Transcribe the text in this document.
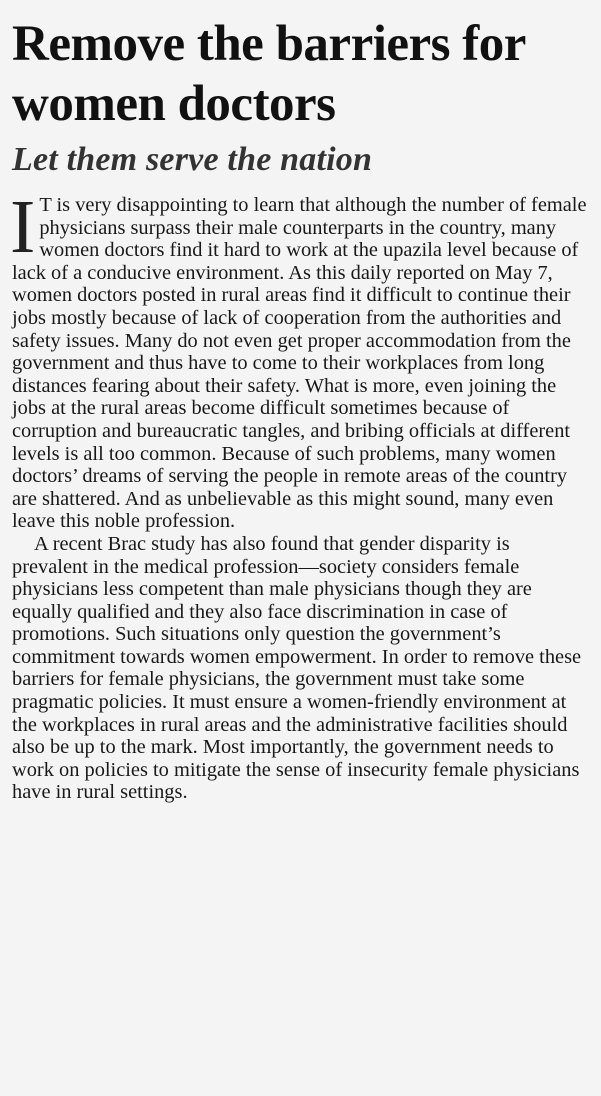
Remove the barriers for women doctors
Let them serve the nation

I T is very disappointing to learn that although the number of female physicians surpass their male counterparts in the country, many women doctors find it hard to work at the upazila level because of lack of a conducive environment. As this daily reported on May 7, women doctors posted in rural areas find it difficult to continue their jobs mostly because of lack of cooperation from the authorities and safety issues. Many do not even get proper accommodation from the government and thus have to come to their workplaces from long distances fearing about their safety. What is more, even joining the jobs at the rural areas become difficult sometimes because of corruption and bureaucratic tangles, and bribing officials at different levels is all too common. Because of such problems, many women doctors’ dreams of serving the people in remote areas of the country are shattered. And as unbelievable as this might sound, many even leave this noble profession.

A recent Brac study has also found that gender disparity is prevalent in the medical profession—society considers female physicians less competent than male physicians though they are equally qualified and they also face discrimination in case of promotions. Such situations only question the government’s commitment towards women empowerment. In order to remove these barriers for female physicians, the government must take some pragmatic policies. It must ensure a women-friendly environment at the workplaces in rural areas and the administrative facilities should also be up to the mark. Most importantly, the government needs to work on policies to mitigate the sense of insecurity female physicians have in rural settings.
